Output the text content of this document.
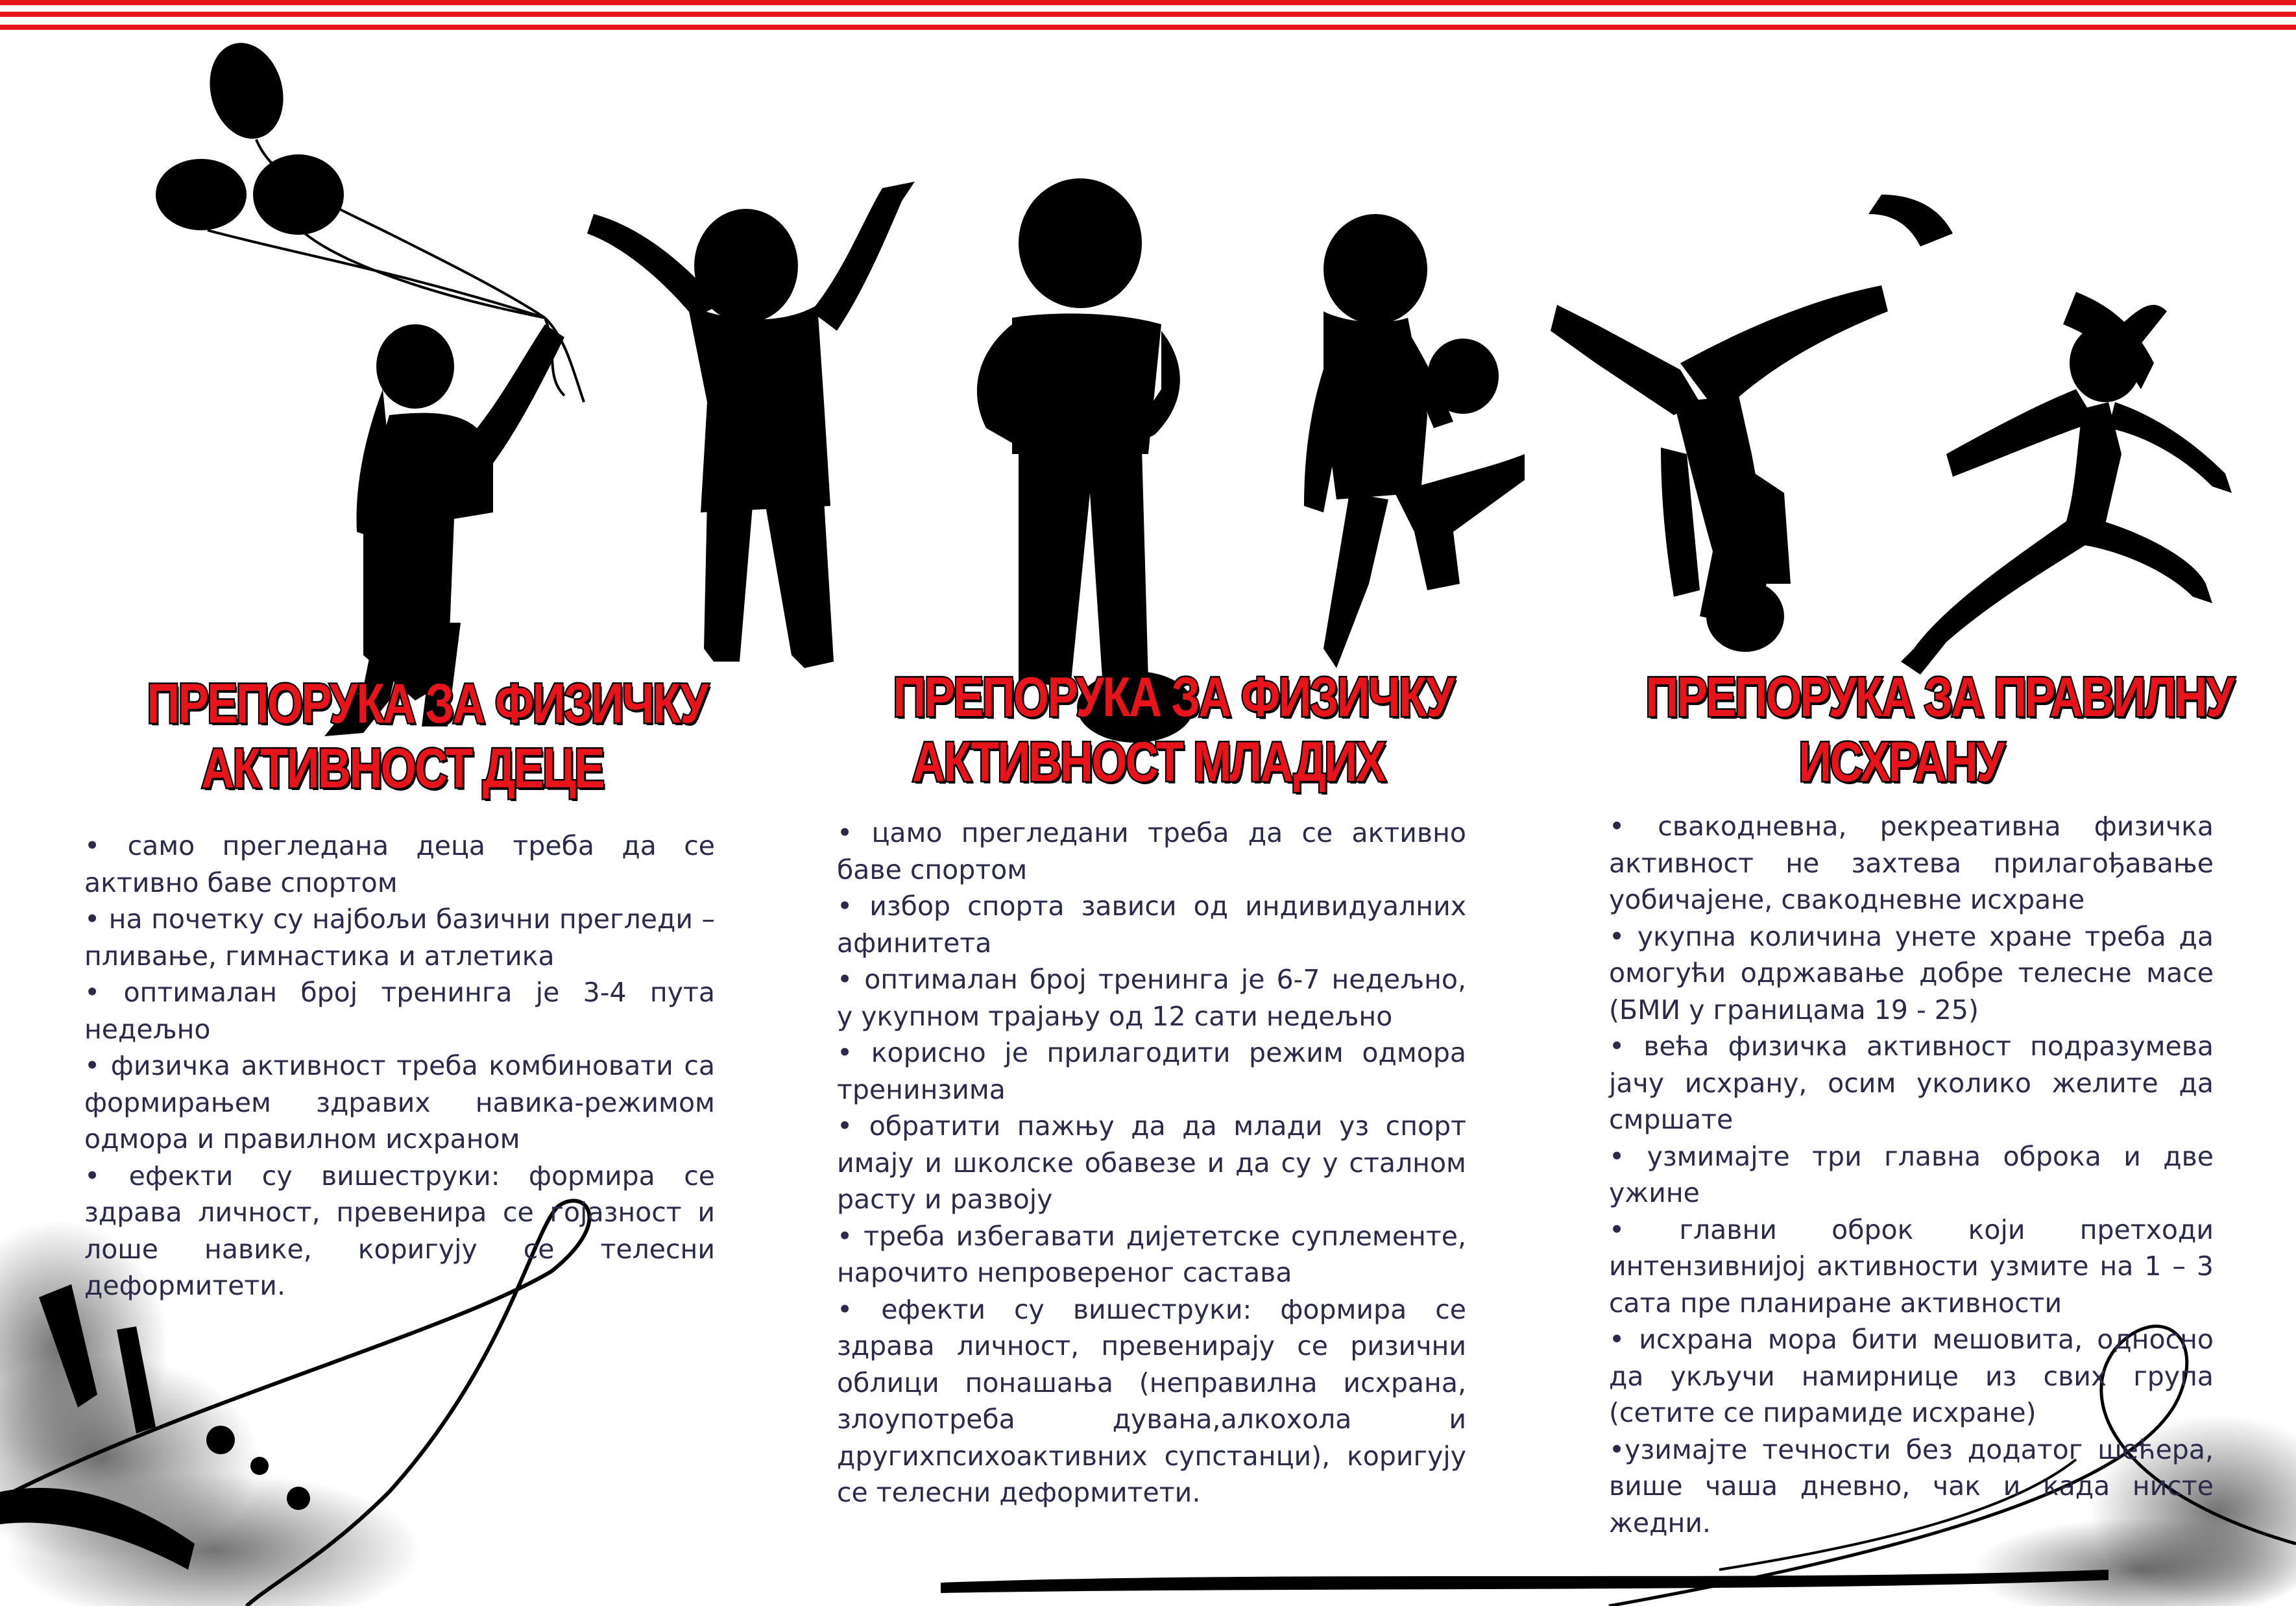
ПРЕПОРУКА ЗА ФИЗИЧКУ
АКТИВНОСТ ДЕЦЕ
ПРЕПОРУКА ЗА ФИЗИЧКУ
АКТИВНОСТ МЛАДИХ
ПРЕПОРУКА ЗА ПРАВИЛНУ
ИСХРАНУ

• само прегледана деца треба да се активно баве спортом

• на почетку су најбољи базични прегледи – пливање, гимнастика и атлетика

• оптималан број тренинга је 3-4 пута недељно

• физичка активност треба комбиновати са формирањем здравих навика-режимом одмора и правилном исхраном

• ефекти су вишеструки: формира се здрава личност, превенира се гојазност и лоше навике, коригују се телесни деформитети.

• цамо прегледани треба да се активно баве спортом

• избор спорта зависи од индивидуалних афинитета

• оптималан број тренинга је 6-7 недељно, у укупном трајању од 12 сати недељно

• корисно је прилагодити режим одмора тренинзима

• обратити пажњу да да млади уз спорт имају и школске обавезе и да су у сталном расту и развоју

• треба избегавати дијететске суплементе, нарочито непровереног састава

• ефекти су вишеструки: формира се здрава личност, превенирају се ризични облици понашања (неправилна исхрана, злоупотреба дувана,алкохола и другихпсихоактивних супстанци), коригују се телесни деформитети.

• свакодневна, рекреативна физичка активност не захтева прилагођавање уобичајене, свакодневне исхране

• укупна количина унете хране треба да омогући одржавање добре телесне масе (БМИ у границама 19 - 25)

• већа физичка активност подразумева јачу исхрану, осим уколико желите да смршате

• узмимајте три главна оброка и две ужине

• главни оброк који претходи интензивнијој активности узмите на 1 – 3 сата пре планиране активности

• исхрана мора бити мешовита, односно да укључи намирнице из свих група (сетите се пирамиде исхране)

•узимајте течности без додатог шећера, више чаша дневно, чак и када нисте жедни.
